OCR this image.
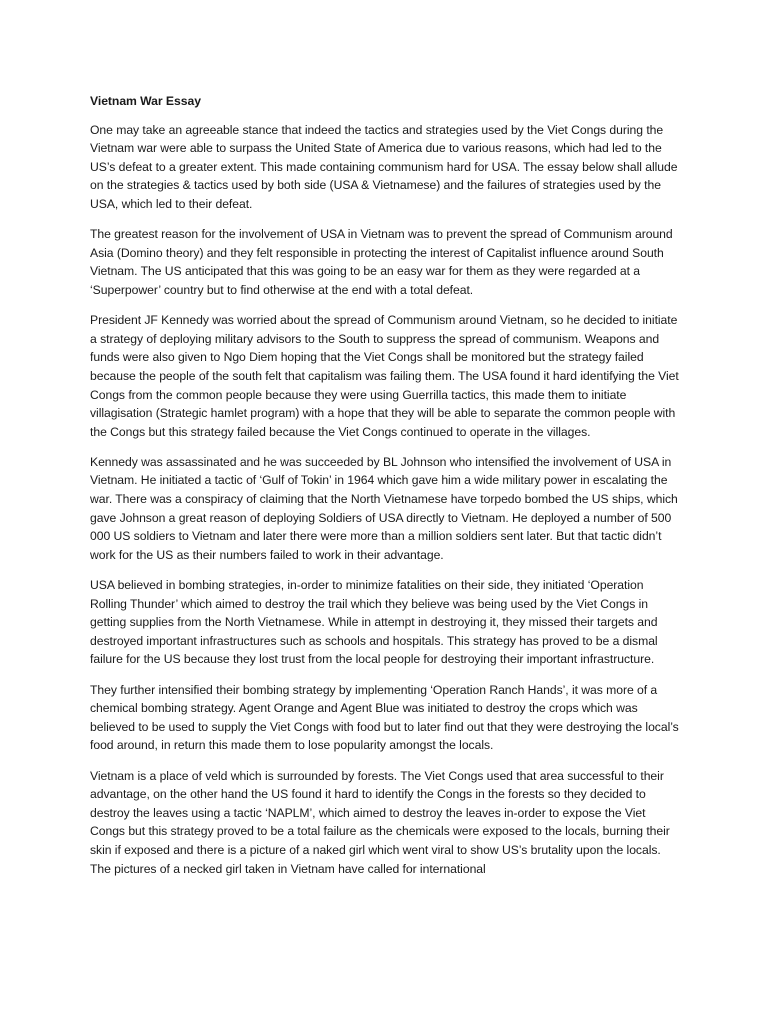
Vietnam War Essay

One may take an agreeable stance that indeed the tactics and strategies used by the Viet Congs during the Vietnam war were able to surpass the United State of America due to various reasons, which had led to the US’s defeat to a greater extent. This made containing communism hard for USA. The essay below shall allude on the strategies & tactics used by both side (USA & Vietnamese) and the failures of strategies used by the USA, which led to their defeat.

The greatest reason for the involvement of USA in Vietnam was to prevent the spread of Communism around Asia (Domino theory) and they felt responsible in protecting the interest of Capitalist influence around South Vietnam. The US anticipated that this was going to be an easy war for them as they were regarded at a ‘Superpower’ country but to find otherwise at the end with a total defeat.

President JF Kennedy was worried about the spread of Communism around Vietnam, so he decided to initiate a strategy of deploying military advisors to the South to suppress the spread of communism. Weapons and funds were also given to Ngo Diem hoping that the Viet Congs shall be monitored but the strategy failed because the people of the south felt that capitalism was failing them. The USA found it hard identifying the Viet Congs from the common people because they were using Guerrilla tactics, this made them to initiate villagisation (Strategic hamlet program) with a hope that they will be able to separate the common people with the Congs but this strategy failed because the Viet Congs continued to operate in the villages.

Kennedy was assassinated and he was succeeded by BL Johnson who intensified the involvement of USA in Vietnam. He initiated a tactic of ‘Gulf of Tokin’ in 1964 which gave him a wide military power in escalating the war. There was a conspiracy of claiming that the North Vietnamese have torpedo bombed the US ships, which gave Johnson a great reason of deploying Soldiers of USA directly to Vietnam. He deployed a number of 500 000 US soldiers to Vietnam and later there were more than a million soldiers sent later. But that tactic didn’t work for the US as their numbers failed to work in their advantage.

USA believed in bombing strategies, in-order to minimize fatalities on their side, they initiated ‘Operation Rolling Thunder’ which aimed to destroy the trail which they believe was being used by the Viet Congs in getting supplies from the North Vietnamese. While in attempt in destroying it, they missed their targets and destroyed important infrastructures such as schools and hospitals. This strategy has proved to be a dismal failure for the US because they lost trust from the local people for destroying their important infrastructure.

They further intensified their bombing strategy by implementing ‘Operation Ranch Hands’, it was more of a chemical bombing strategy. Agent Orange and Agent Blue was initiated to destroy the crops which was believed to be used to supply the Viet Congs with food but to later find out that they were destroying the local’s food around, in return this made them to lose popularity amongst the locals.

Vietnam is a place of veld which is surrounded by forests. The Viet Congs used that area successful to their advantage, on the other hand the US found it hard to identify the Congs in the forests so they decided to destroy the leaves using a tactic ‘NAPLM’, which aimed to destroy the leaves in-order to expose the Viet Congs but this strategy proved to be a total failure as the chemicals were exposed to the locals, burning their skin if exposed and there is a picture of a naked girl which went viral to show US’s brutality upon the locals. The pictures of a necked girl taken in Vietnam have called for international
